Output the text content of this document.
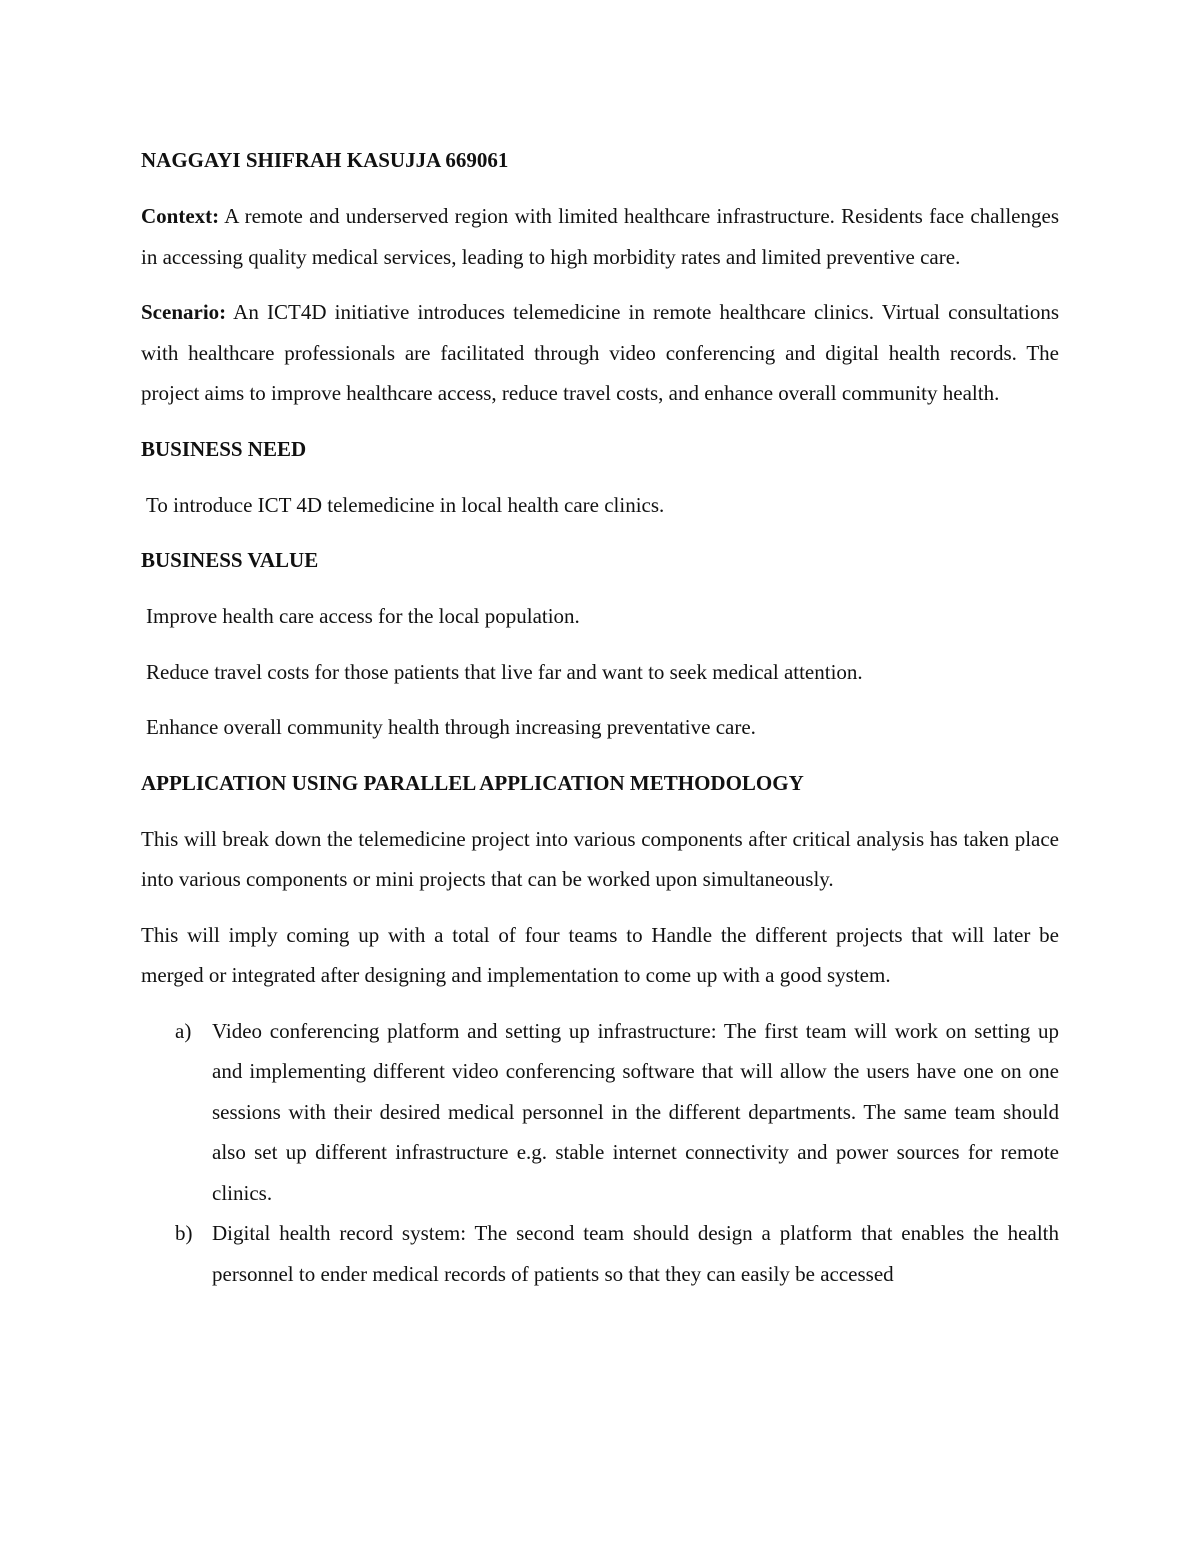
NAGGAYI SHIFRAH KASUJJA 669061

Context: A remote and underserved region with limited healthcare infrastructure. Residents face challenges in accessing quality medical services, leading to high morbidity rates and limited preventive care.

Scenario: An ICT4D initiative introduces telemedicine in remote healthcare clinics. Virtual consultations with healthcare professionals are facilitated through video conferencing and digital health records. The project aims to improve healthcare access, reduce travel costs, and enhance overall community health.

BUSINESS NEED

To introduce ICT 4D telemedicine in local health care clinics.

BUSINESS VALUE

Improve health care access for the local population.

Reduce travel costs for those patients that live far and want to seek medical attention.

Enhance overall community health through increasing preventative care.

APPLICATION USING PARALLEL APPLICATION METHODOLOGY

This will break down the telemedicine project into various components after critical analysis has taken place into various components or mini projects that can be worked upon simultaneously.

This will imply coming up with a total of four teams to Handle the different projects that will later be merged or integrated after designing and implementation to come up with a good system.

a) Video conferencing platform and setting up infrastructure: The first team will work on setting up and implementing different video conferencing software that will allow the users have one on one sessions with their desired medical personnel in the different departments. The same team should also set up different infrastructure e.g. stable internet connectivity and power sources for remote clinics.
b) Digital health record system: The second team should design a platform that enables the health personnel to ender medical records of patients so that they can easily be accessed
